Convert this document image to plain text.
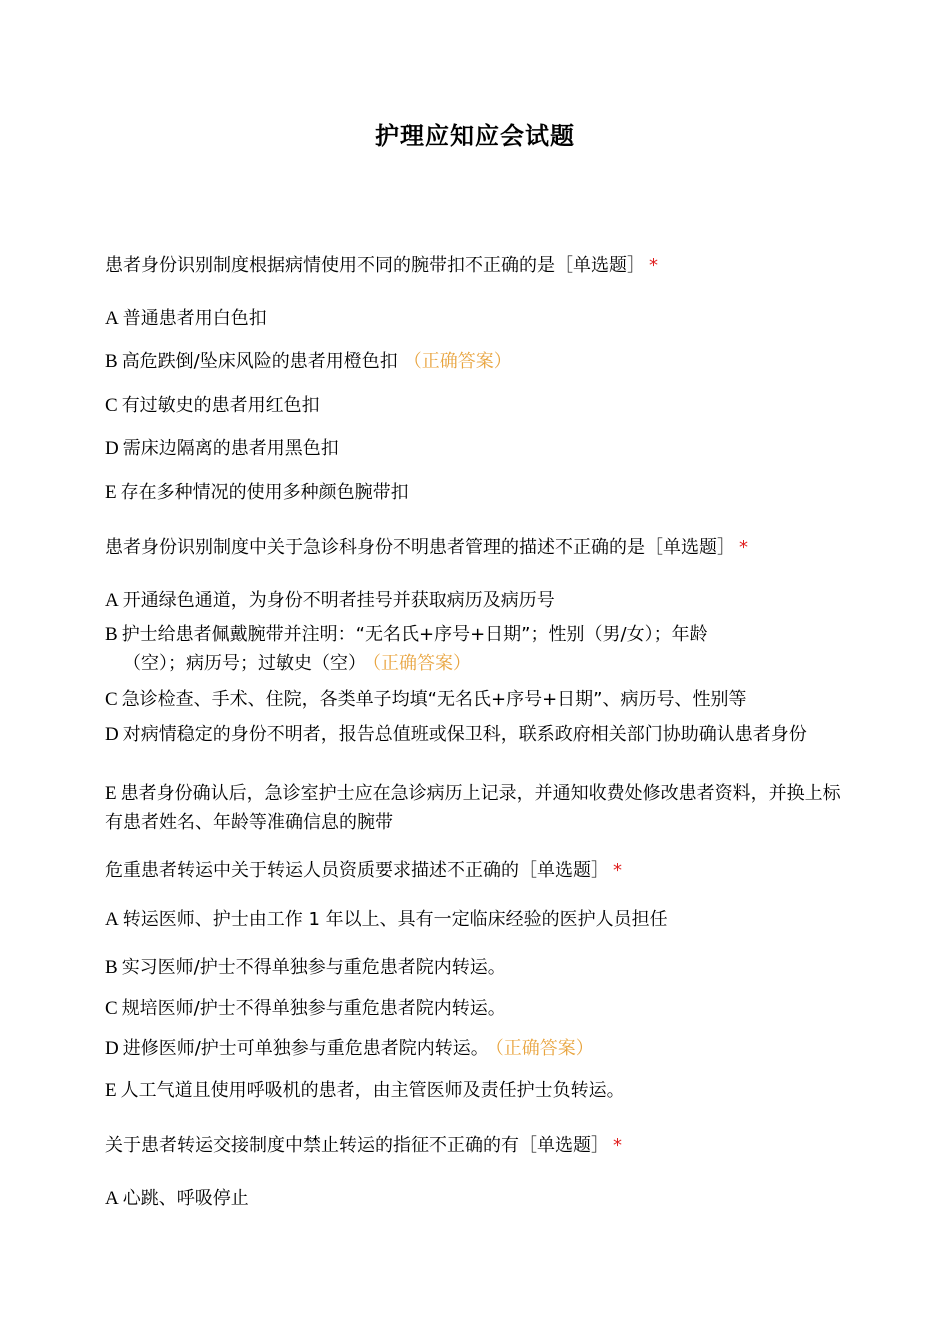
护理应知应会试题
患者身份识别制度根据病情使用不同的腕带扣不正确的是［单选题］ *
A 普通患者用白色扣
B 高危跌倒/坠床风险的患者用橙色扣 （正确答案）
C 有过敏史的患者用红色扣
D 需床边隔离的患者用黑色扣
E 存在多种情况的使用多种颜色腕带扣
患者身份识别制度中关于急诊科身份不明患者管理的描述不正确的是［单选题］ *
A 开通绿色通道，为身份不明者挂号并获取病历及病历号
B 护士给患者佩戴腕带并注明：“无名氏+序号+日期”；性别（男/女）；年龄
（空）；病历号；过敏史（空） （正确答案）
C 急诊检查、手术、住院，各类单子均填“无名氏+序号+日期”、病历号、性别等
D 对病情稳定的身份不明者，报告总值班或保卫科，联系政府相关部门协助确认患者身份
E 患者身份确认后，急诊室护士应在急诊病历上记录，并通知收费处修改患者资料，并换上标有患者姓名、年龄等准确信息的腕带
危重患者转运中关于转运人员资质要求描述不正确的［单选题］ *
A 转运医师、护士由工作 1 年以上、具有一定临床经验的医护人员担任
B 实习医师/护士不得单独参与重危患者院内转运。
C 规培医师/护士不得单独参与重危患者院内转运。
D 进修医师/护士可单独参与重危患者院内转运。 （正确答案）
E 人工气道且使用呼吸机的患者，由主管医师及责任护士负转运。
关于患者转运交接制度中禁止转运的指征不正确的有［单选题］ *
A 心跳、呼吸停止
